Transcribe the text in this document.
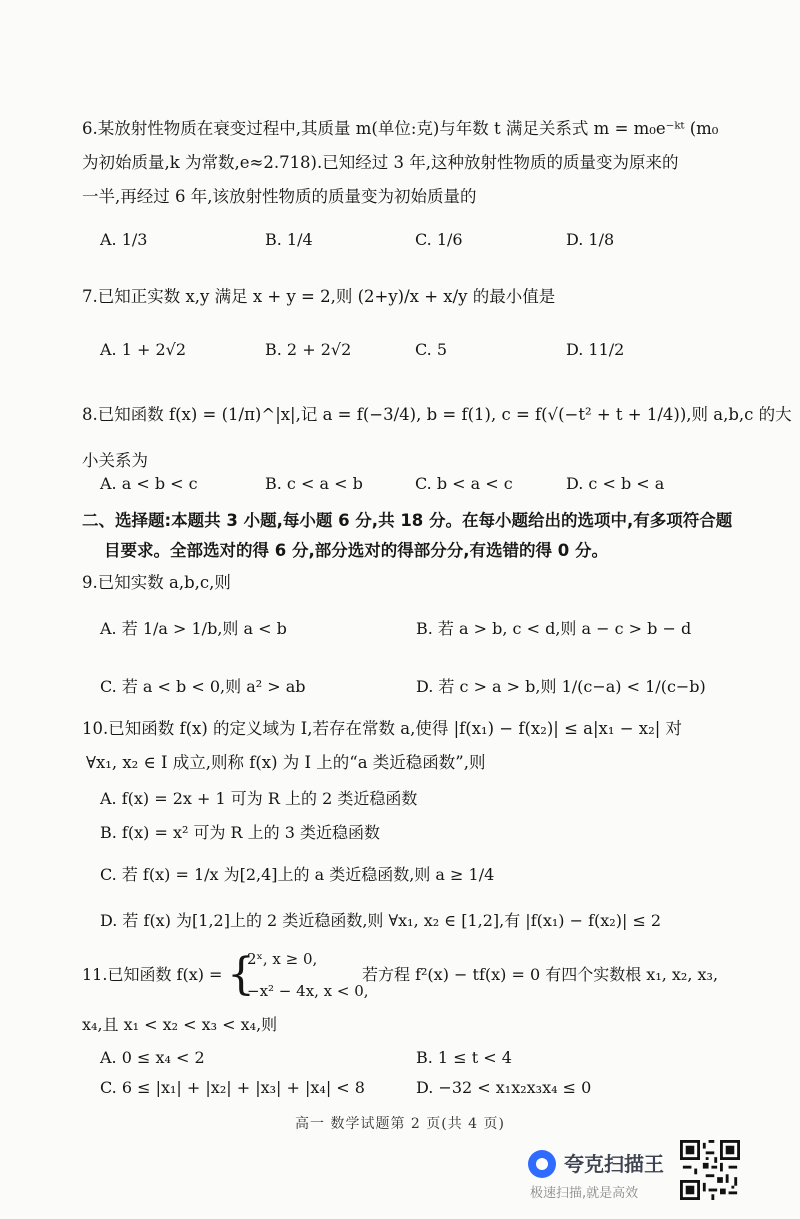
6.某放射性物质在衰变过程中,其质量 m(单位:克)与年数 t 满足关系式 m = m₀e⁻ᵏᵗ (m₀
为初始质量,k 为常数,e≈2.718).已知经过 3 年,这种放射性物质的质量变为原来的
一半,再经过 6 年,该放射性物质的质量变为初始质量的
A. 1/3	B. 1/4	C. 1/6	D. 1/8
7.已知正实数 x,y 满足 x + y = 2,则 (2+y)/x + x/y 的最小值是
A. 1 + 2√2	B. 2 + 2√2	C. 5	D. 11/2
8.已知函数 f(x) = (1/π)^|x|,记 a = f(−3/4), b = f(1), c = f(√(−t² + t + 1/4)),则 a,b,c 的大
小关系为
A. a < b < c	B. c < a < b	C. b < a < c	D. c < b < a
二、选择题:本题共 3 小题,每小题 6 分,共 18 分。在每小题给出的选项中,有多项符合题
目要求。全部选对的得 6 分,部分选对的得部分分,有选错的得 0 分。
9.已知实数 a,b,c,则
A. 若 1/a > 1/b,则 a < b	B. 若 a > b, c < d,则 a − c > b − d
C. 若 a < b < 0,则 a² > ab	D. 若 c > a > b,则 1/(c−a) < 1/(c−b)
10.已知函数 f(x) 的定义域为 I,若存在常数 a,使得 |f(x₁) − f(x₂)| ≤ a|x₁ − x₂| 对
∀x₁, x₂ ∈ I 成立,则称 f(x) 为 I 上的“a 类近稳函数”,则
A. f(x) = 2x + 1 可为 R 上的 2 类近稳函数
B. f(x) = x² 可为 R 上的 3 类近稳函数
C. 若 f(x) = 1/x 为[2,4]上的 a 类近稳函数,则 a ≥ 1/4
D. 若 f(x) 为[1,2]上的 2 类近稳函数,则 ∀x₁, x₂ ∈ [1,2],有 |f(x₁) − f(x₂)| ≤ 2
11.已知函数 f(x) = {
2ˣ, x ≥ 0,
−x² − 4x, x < 0,
若方程 f²(x) − tf(x) = 0 有四个实数根 x₁, x₂, x₃,
x₄,且 x₁ < x₂ < x₃ < x₄,则
A. 0 ≤ x₄ < 2	B. 1 ≤ t < 4
C. 6 ≤ |x₁| + |x₂| + |x₃| + |x₄| < 8	D. −32 < x₁x₂x₃x₄ ≤ 0
高一 数学试题第 2 页(共 4 页)
夸克扫描王
极速扫描,就是高效
